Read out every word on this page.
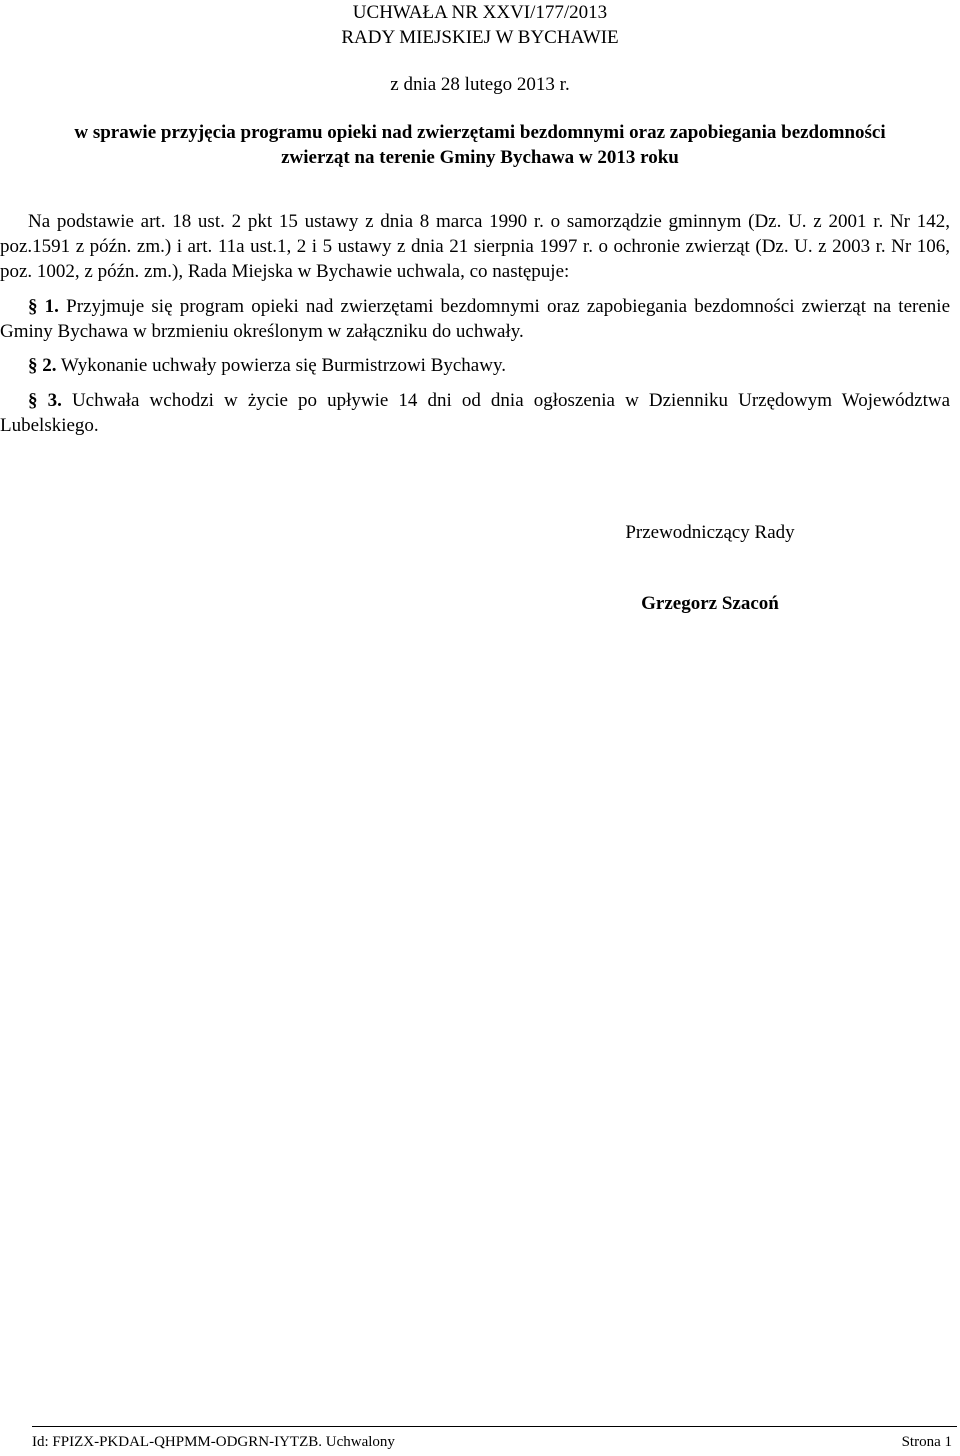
UCHWAŁA NR XXVI/177/2013
RADY MIEJSKIEJ W BYCHAWIE
z dnia 28 lutego 2013 r.
w sprawie przyjęcia programu opieki nad zwierzętami bezdomnymi oraz zapobiegania bezdomności
zwierząt na terenie Gminy Bychawa w 2013 roku
Na podstawie art. 18 ust. 2 pkt 15 ustawy z dnia 8 marca 1990 r. o samorządzie gminnym (Dz. U. z 2001 r. Nr 142, poz.1591 z późn. zm.) i art. 11a ust.1, 2 i 5 ustawy z dnia 21 sierpnia 1997 r. o ochronie zwierząt (Dz. U. z 2003 r. Nr 106, poz. 1002, z późn. zm.), Rada Miejska w Bychawie uchwala, co następuje:
§ 1. Przyjmuje się program opieki nad zwierzętami bezdomnymi oraz zapobiegania bezdomności zwierząt na terenie Gminy Bychawa w brzmieniu określonym w załączniku do uchwały.
§ 2. Wykonanie uchwały powierza się Burmistrzowi Bychawy.
§ 3. Uchwała wchodzi w życie po upływie 14 dni od dnia ogłoszenia w Dzienniku Urzędowym Województwa Lubelskiego.
Przewodniczący Rady
Grzegorz Szacoń
Id: FPIZX-PKDAL-QHPMM-ODGRN-IYTZB. Uchwalony	Strona 1
